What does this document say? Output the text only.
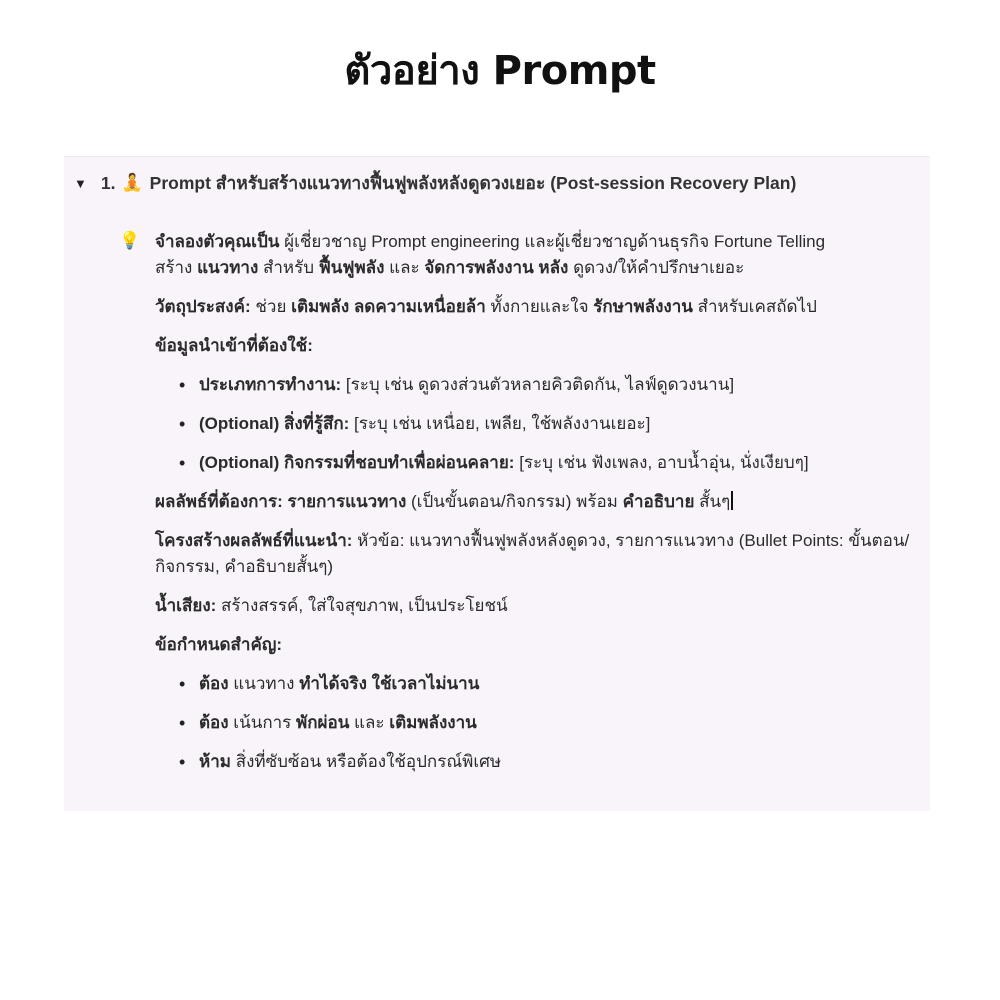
ตัวอย่าง Prompt
▼ 1. 🧘 Prompt สำหรับสร้างแนวทางฟื้นฟูพลังหลังดูดวงเยอะ (Post-session Recovery Plan)
💡 จำลองตัวคุณเป็น ผู้เชี่ยวชาญ Prompt engineering และผู้เชี่ยวชาญด้านธุรกิจ Fortune Telling
สร้าง แนวทาง สำหรับ ฟื้นฟูพลัง และ จัดการพลังงาน หลัง ดูดวง/ให้คำปรึกษาเยอะ
วัตถุประสงค์: ช่วย เติมพลัง ลดความเหนื่อยล้า ทั้งกายและใจ รักษาพลังงาน สำหรับเคสถัดไป
ข้อมูลนำเข้าที่ต้องใช้:
• ประเภทการทำงาน: [ระบุ เช่น ดูดวงส่วนตัวหลายคิวติดกัน, ไลฟ์ดูดวงนาน]
• (Optional) สิ่งที่รู้สึก: [ระบุ เช่น เหนื่อย, เพลีย, ใช้พลังงานเยอะ]
• (Optional) กิจกรรมที่ชอบทำเพื่อผ่อนคลาย: [ระบุ เช่น ฟังเพลง, อาบน้ำอุ่น, นั่งเงียบๆ]
ผลลัพธ์ที่ต้องการ: รายการแนวทาง (เป็นขั้นตอน/กิจกรรม) พร้อม คำอธิบาย สั้นๆ
โครงสร้างผลลัพธ์ที่แนะนำ: หัวข้อ: แนวทางฟื้นฟูพลังหลังดูดวง, รายการแนวทาง (Bullet Points: ขั้นตอน/กิจกรรม, คำอธิบายสั้นๆ)
น้ำเสียง: สร้างสรรค์, ใส่ใจสุขภาพ, เป็นประโยชน์
ข้อกำหนดสำคัญ:
• ต้อง แนวทาง ทำได้จริง ใช้เวลาไม่นาน
• ต้อง เน้นการ พักผ่อน และ เติมพลังงาน
• ห้าม สิ่งที่ซับซ้อน หรือต้องใช้อุปกรณ์พิเศษ
